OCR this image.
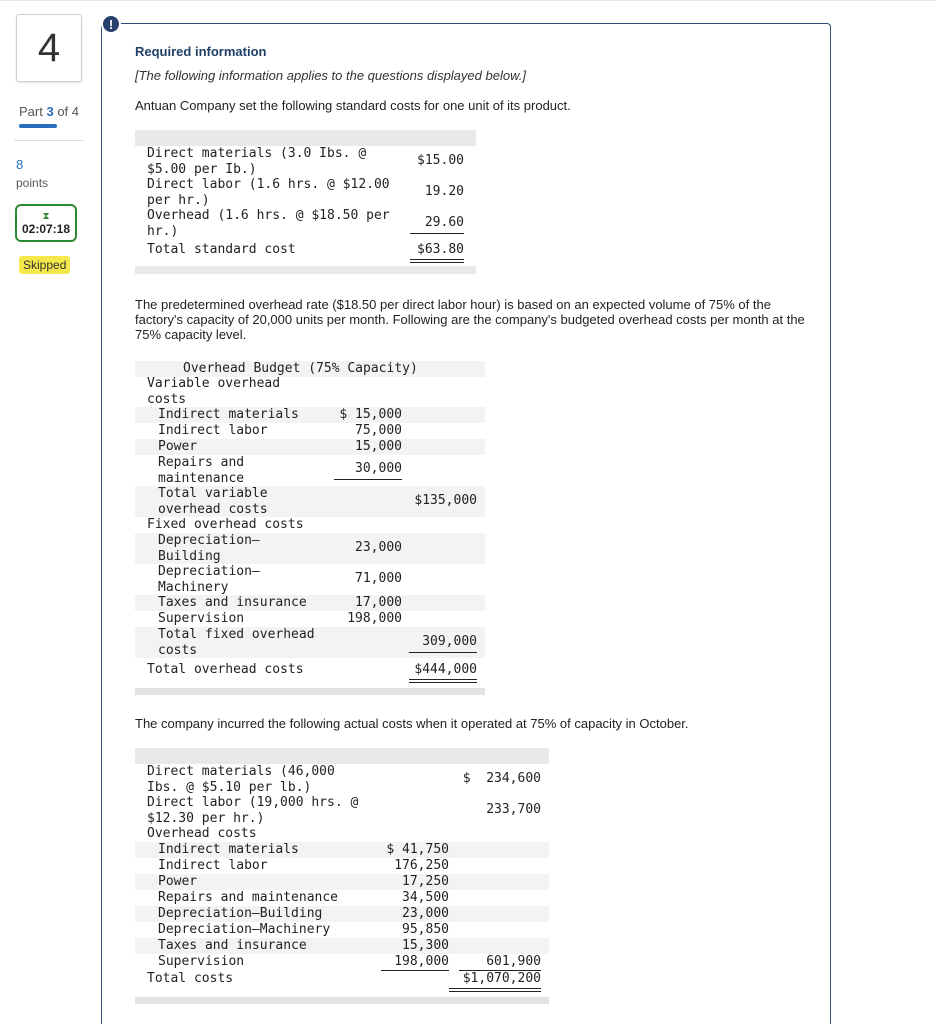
4
Part 3 of 4
8
points
⧗
02:07:18
Skipped
!
Required information
[The following information applies to the questions displayed below.]
Antuan Company set the following standard costs for one unit of its product.
Direct materials (3.0 Ibs. @
$5.00 per Ib.)
$15.00
Direct labor (1.6 hrs. @ $12.00
per hr.)
19.20
Overhead (1.6 hrs. @ $18.50 per
hr.)
29.60
Total standard cost	$63.80
The predetermined overhead rate ($18.50 per direct labor hour) is based on an expected volume of 75% of the factory's capacity of 20,000 units per month. Following are the company's budgeted overhead costs per month at the 75% capacity level.
Overhead Budget (75% Capacity)
Variable overhead
costs
Indirect materials	$ 15,000
Indirect labor	75,000
Power	15,000
Repairs and
maintenance
30,000
Total variable
overhead costs
$135,000
Fixed overhead costs
Depreciation—
Building
23,000
Depreciation—
Machinery
71,000
Taxes and insurance	17,000
Supervision	198,000
Total fixed overhead
costs
309,000
Total overhead costs	$444,000
The company incurred the following actual costs when it operated at 75% of capacity in October.
Direct materials (46,000
Ibs. @ $5.10 per lb.)
$  234,600
Direct labor (19,000 hrs. @
$12.30 per hr.)
233,700
Overhead costs
Indirect materials	$ 41,750
Indirect labor	176,250
Power	17,250
Repairs and maintenance	34,500
Depreciation—Building	23,000
Depreciation—Machinery	95,850
Taxes and insurance	15,300
Supervision	198,000	601,900
Total costs	$1,070,200
